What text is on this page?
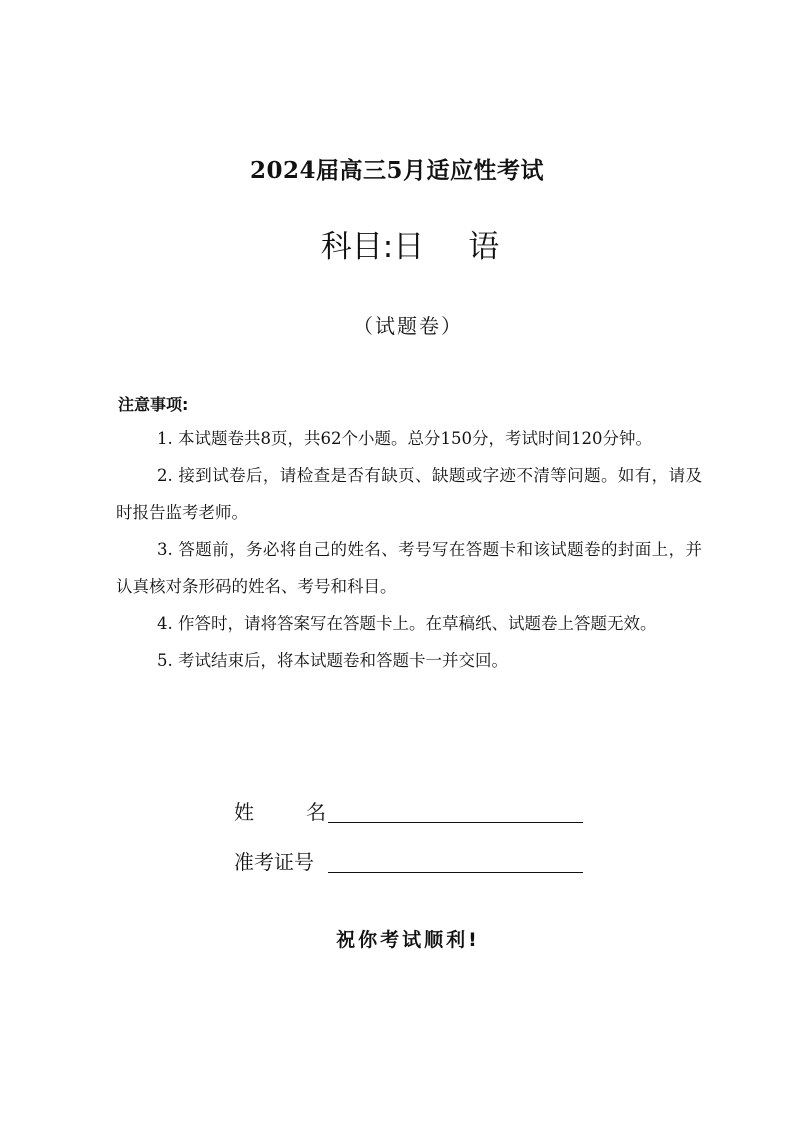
2024届高三5月适应性考试
科目:日 语
（试题卷）
注意事项:
1. 本试题卷共8页，共62个小题。总分150分，考试时间120分钟。
2. 接到试卷后，请检查是否有缺页、缺题或字迹不清等问题。如有，请及时报告监考老师。
3. 答题前，务必将自己的姓名、考号写在答题卡和该试题卷的封面上，并认真核对条形码的姓名、考号和科目。
4. 作答时，请将答案写在答题卡上。在草稿纸、试题卷上答题无效。
5. 考试结束后，将本试题卷和答题卡一并交回。
姓	名
准考证号
祝你考试顺利!
